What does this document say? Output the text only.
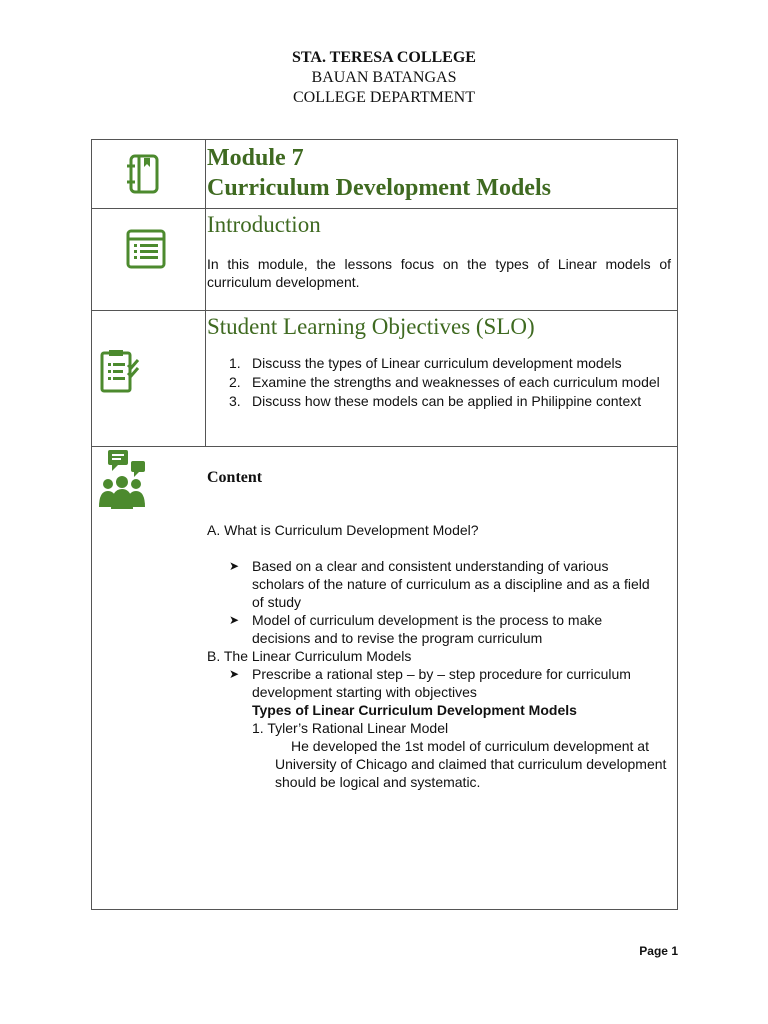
STA. TERESA COLLEGE
BAUAN BATANGAS
COLLEGE DEPARTMENT
Module 7
Curriculum Development Models
Introduction
In this module, the lessons focus on the types of Linear models of curriculum development.
Student Learning Objectives (SLO)
1. Discuss the types of Linear curriculum development models
2. Examine the strengths and weaknesses of each curriculum model
3. Discuss how these models can be applied in Philippine context
Content
A. What is Curriculum Development Model?
➤ Based on a clear and consistent understanding of various scholars of the nature of curriculum as a discipline and as a field of study
➤ Model of curriculum development is the process to make decisions and to revise the program curriculum
B. The Linear Curriculum Models
➤ Prescribe a rational step – by – step procedure for curriculum development starting with objectives
Types of Linear Curriculum Development Models
1. Tyler’s Rational Linear Model
He developed the 1st model of curriculum development at University of Chicago and claimed that curriculum development should be logical and systematic.
Page 1
